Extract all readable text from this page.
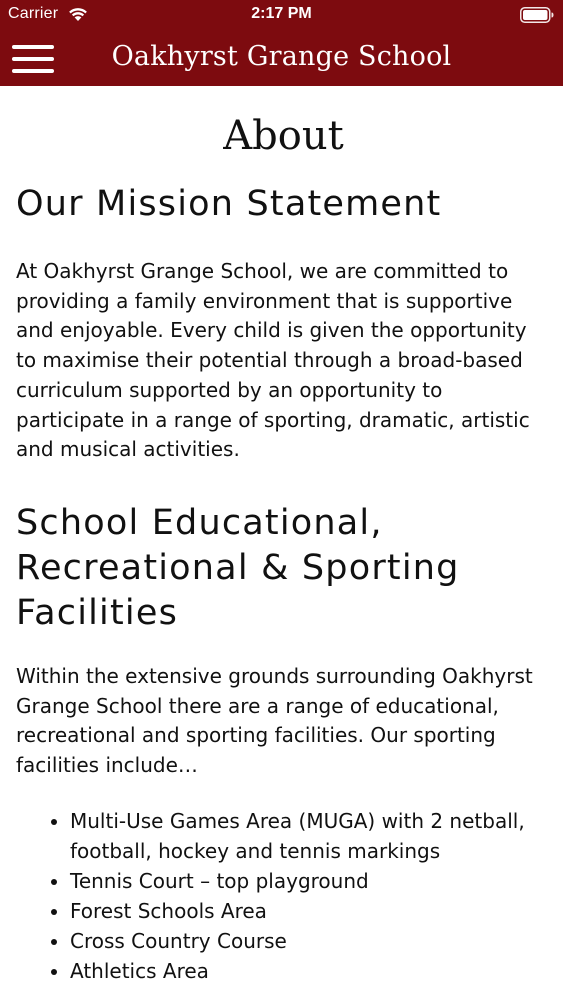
Carrier	2:17 PM
Oakhyrst Grange School
About
Our Mission Statement

At Oakhyrst Grange School, we are committed to providing a family environment that is supportive and enjoyable. Every child is given the opportunity to maximise their potential through a broad-based curriculum supported by an opportunity to participate in a range of sporting, dramatic, artistic and musical activities.

School Educational, Recreational & Sporting Facilities

Within the extensive grounds surrounding Oakhyrst Grange School there are a range of educational, recreational and sporting facilities. Our sporting facilities include…

• Multi-Use Games Area (MUGA) with 2 netball, football, hockey and tennis markings
• Tennis Court – top playground
• Forest Schools Area
• Cross Country Course
• Athletics Area
